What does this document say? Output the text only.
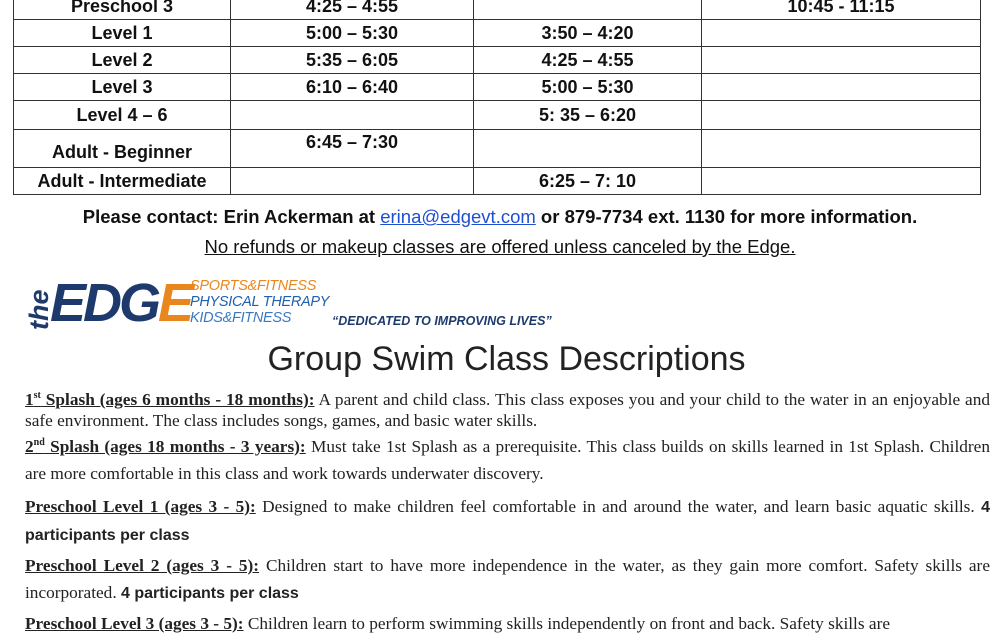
Preschool 3	4:25 – 4:55		10:45 - 11:15
Level 1	5:00 – 5:30	3:50 – 4:20	
Level 2	5:35 – 6:05	4:25 – 4:55	
Level 3	6:10 – 6:40	5:00 – 5:30	
Level 4 – 6		5: 35 – 6:20	
Adult - Beginner	6:45 – 7:30		
Adult - Intermediate		6:25 – 7: 10	
Please contact: Erin Ackerman at erina@edgevt.com or 879-7734 ext. 1130 for more information.
No refunds or makeup classes are offered unless canceled by the Edge.
the
EDGE
SPORTS&FITNESS
PHYSICAL THERAPY
KIDS&FITNESS	“DEDICATED TO IMPROVING LIVES”
Group Swim Class Descriptions
1st Splash (ages 6 months - 18 months): A parent and child class. This class exposes you and your child to the water in an enjoyable and safe environment. The class includes songs, games, and basic water skills.
2nd Splash (ages 18 months - 3 years): Must take 1st Splash as a prerequisite. This class builds on skills learned in 1st Splash. Children are more comfortable in this class and work towards underwater discovery.
Preschool Level 1 (ages 3 - 5): Designed to make children feel comfortable in and around the water, and learn basic aquatic skills. 4 participants per class
Preschool Level 2 (ages 3 - 5): Children start to have more independence in the water, as they gain more comfort. Safety skills are incorporated. 4 participants per class
Preschool Level 3 (ages 3 - 5): Children learn to perform swimming skills independently on front and back. Safety skills are
